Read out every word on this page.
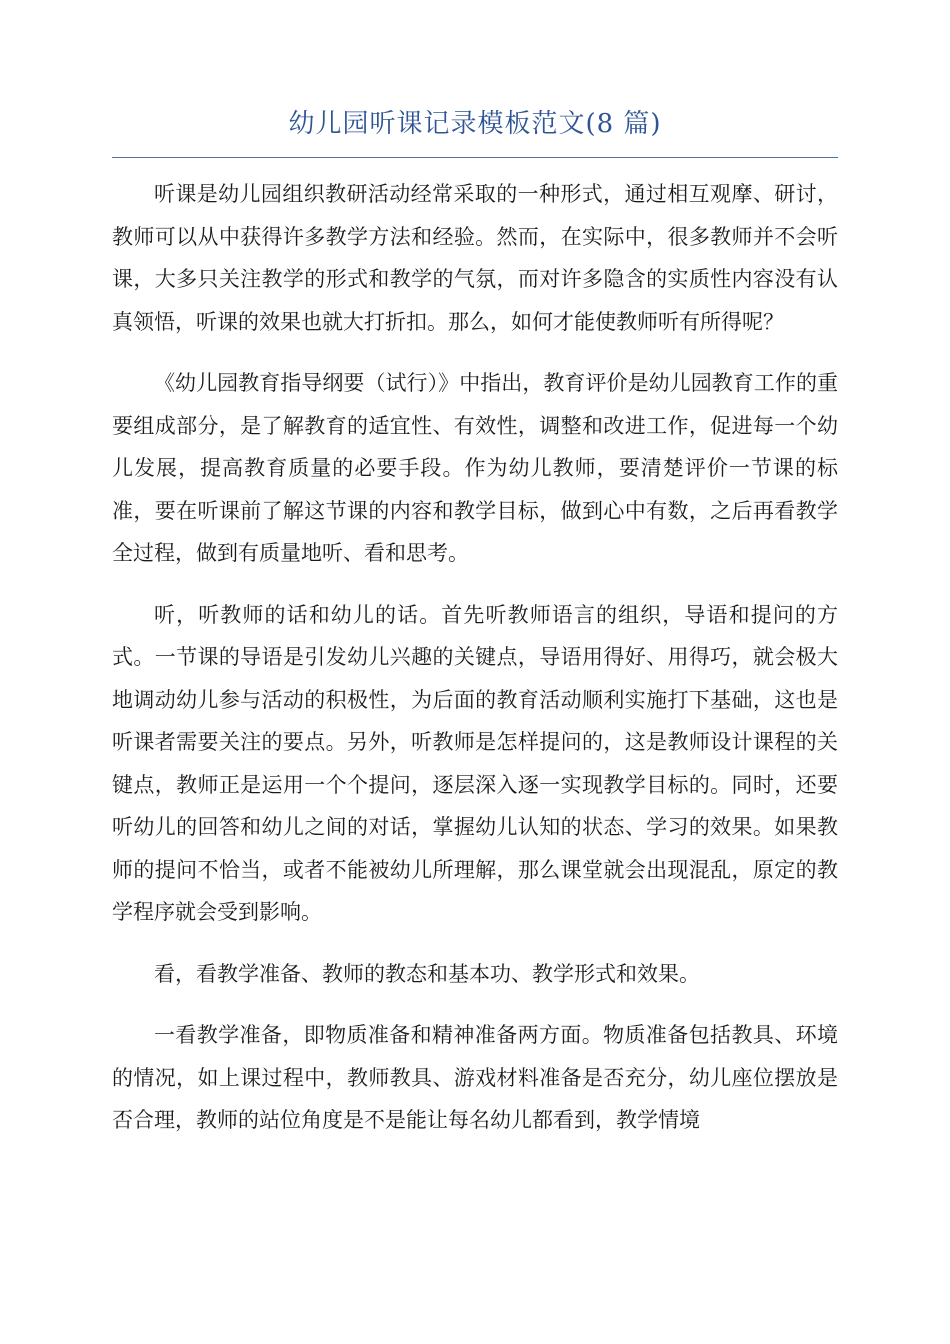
幼儿园听课记录模板范文(8 篇)

听课是幼儿园组织教研活动经常采取的一种形式，通过相互观摩、研讨，教师可以从中获得许多教学方法和经验。然而，在实际中，很多教师并不会听课，大多只关注教学的形式和教学的气氛，而对许多隐含的实质性内容没有认真领悟，听课的效果也就大打折扣。那么，如何才能使教师听有所得呢？

《幼儿园教育指导纲要（试行）》中指出，教育评价是幼儿园教育工作的重要组成部分，是了解教育的适宜性、有效性，调整和改进工作，促进每一个幼儿发展，提高教育质量的必要手段。作为幼儿教师，要清楚评价一节课的标准，要在听课前了解这节课的内容和教学目标，做到心中有数，之后再看教学全过程，做到有质量地听、看和思考。

听，听教师的话和幼儿的话。首先听教师语言的组织，导语和提问的方式。一节课的导语是引发幼儿兴趣的关键点，导语用得好、用得巧，就会极大地调动幼儿参与活动的积极性，为后面的教育活动顺利实施打下基础，这也是听课者需要关注的要点。另外，听教师是怎样提问的，这是教师设计课程的关键点，教师正是运用一个个提问，逐层深入逐一实现教学目标的。同时，还要听幼儿的回答和幼儿之间的对话，掌握幼儿认知的状态、学习的效果。如果教师的提问不恰当，或者不能被幼儿所理解，那么课堂就会出现混乱，原定的教学程序就会受到影响。

看，看教学准备、教师的教态和基本功、教学形式和效果。

一看教学准备，即物质准备和精神准备两方面。物质准备包括教具、环境的情况，如上课过程中，教师教具、游戏材料准备是否充分，幼儿座位摆放是否合理，教师的站位角度是不是能让每名幼儿都看到，教学情境
